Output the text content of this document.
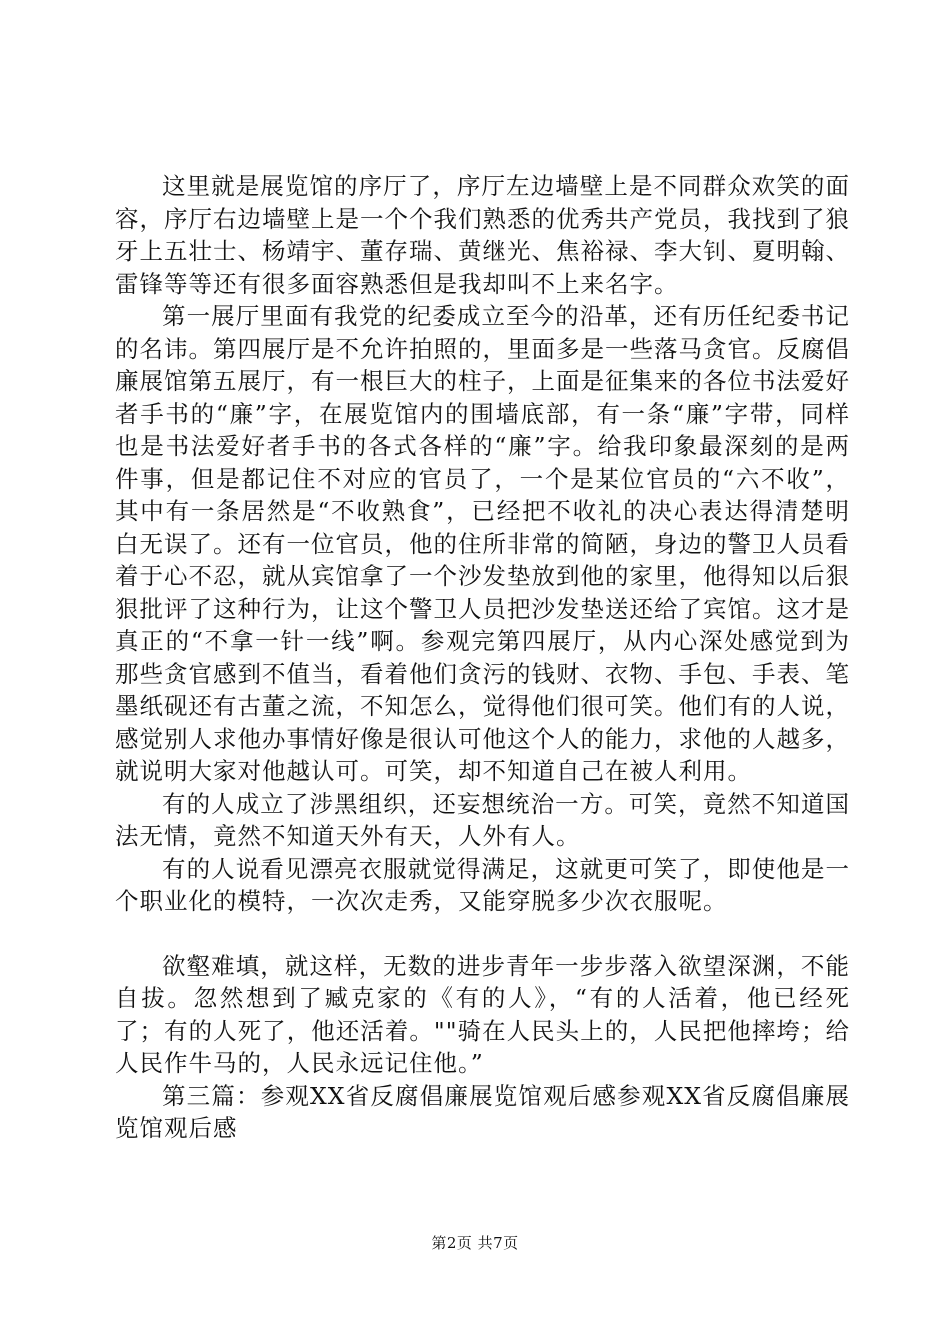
这里就是展览馆的序厅了，序厅左边墙壁上是不同群众欢笑的面容，序厅右边墙壁上是一个个我们熟悉的优秀共产党员，我找到了狼牙上五壮士、杨靖宇、董存瑞、黄继光、焦裕禄、李大钊、夏明翰、雷锋等等还有很多面容熟悉但是我却叫不上来名字。

第一展厅里面有我党的纪委成立至今的沿革，还有历任纪委书记的名讳。第四展厅是不允许拍照的，里面多是一些落马贪官。反腐倡廉展馆第五展厅，有一根巨大的柱子，上面是征集来的各位书法爱好者手书的“廉”字，在展览馆内的围墙底部，有一条“廉”字带，同样也是书法爱好者手书的各式各样的“廉”字。给我印象最深刻的是两件事，但是都记住不对应的官员了，一个是某位官员的“六不收”，其中有一条居然是“不收熟食”，已经把不收礼的决心表达得清楚明白无误了。还有一位官员，他的住所非常的简陋，身边的警卫人员看着于心不忍，就从宾馆拿了一个沙发垫放到他的家里，他得知以后狠狠批评了这种行为，让这个警卫人员把沙发垫送还给了宾馆。这才是真正的“不拿一针一线”啊。参观完第四展厅，从内心深处感觉到为那些贪官感到不值当，看着他们贪污的钱财、衣物、手包、手表、笔墨纸砚还有古董之流，不知怎么，觉得他们很可笑。他们有的人说，感觉别人求他办事情好像是很认可他这个人的能力，求他的人越多，就说明大家对他越认可。可笑，却不知道自己在被人利用。

有的人成立了涉黑组织，还妄想统治一方。可笑，竟然不知道国法无情，竟然不知道天外有天，人外有人。

有的人说看见漂亮衣服就觉得满足，这就更可笑了，即使他是一个职业化的模特，一次次走秀，又能穿脱多少次衣服呢。

欲壑难填，就这样，无数的进步青年一步步落入欲望深渊，不能自拔。忽然想到了臧克家的《有的人》，“有的人活着，他已经死了；有的人死了，他还活着。""骑在人民头上的，人民把他摔垮；给人民作牛马的，人民永远记住他。”

第三篇：参观XX省反腐倡廉展览馆观后感参观XX省反腐倡廉展览馆观后感

第2页 共7页
